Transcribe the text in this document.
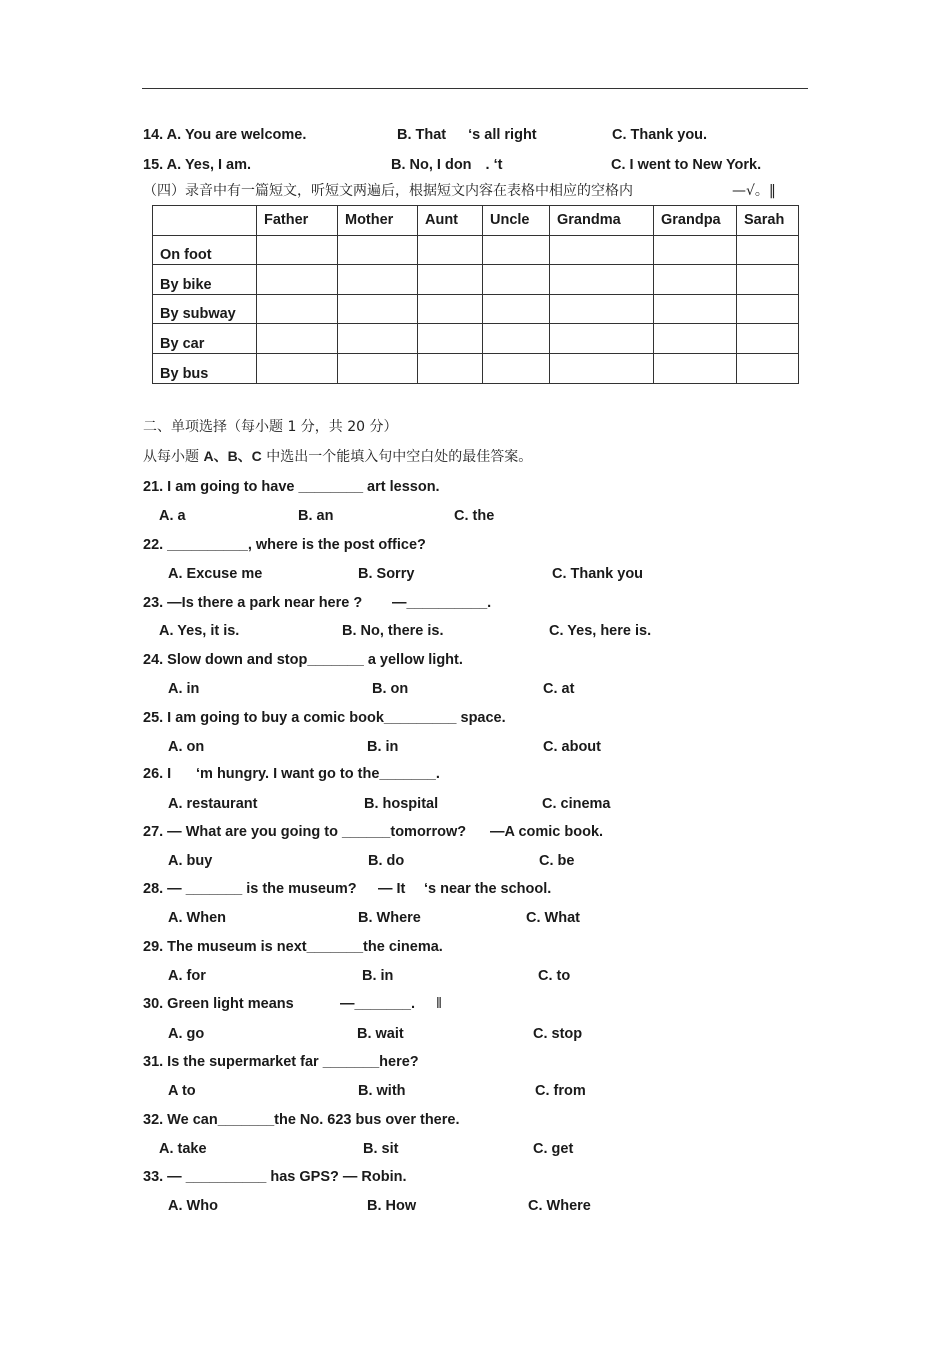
14. A. You are welcome.	B. That ‘s all right	C. Thank you.
15. A. Yes, I am.	B. No, I don . ‘t	C. I went to New York.
（四）录音中有一篇短文，听短文两遍后，根据短文内容在表格中相应的空格内	—√。‖
	Father	Mother	Aunt	Uncle	Grandma	Grandpa	Sarah
On foot							
By bike							
By subway							
By car							
By bus							
二、单项选择（每小题 1 分，共 20 分）
从每小题 A、B、C 中选出一个能填入句中空白处的最佳答案。
21. I am going to have ________ art lesson.
A. a	B. an	C. the
22. __________, where is the post office?
A. Excuse me	B. Sorry	C. Thank you
23. —Is there a park near here ? —__________.
A. Yes, it is.	B. No, there is.	C. Yes, here is.
24. Slow down and stop_______ a yellow light.
A. in	B. on	C. at
25. I am going to buy a comic book_________ space.
A. on	B. in	C. about
26. I ‘m hungry. I want go to the_______.
A. restaurant	B. hospital	C. cinema
27. — What are you going to ______tomorrow? —A comic book.
A. buy	B. do	C. be
28. — _______ is the museum? — It ‘s near the school.
A. When	B. Where	C. What
29. The museum is next_______the cinema.
A. for	B. in	C. to
30. Green light means	—_______. ‖
A. go	B. wait	C. stop
31. Is the supermarket far _______here?
A to	B. with	C. from
32. We can_______the No. 623 bus over there.
A. take	B. sit	C. get
33. — __________ has GPS? — Robin.
A. Who	B. How	C. Where
